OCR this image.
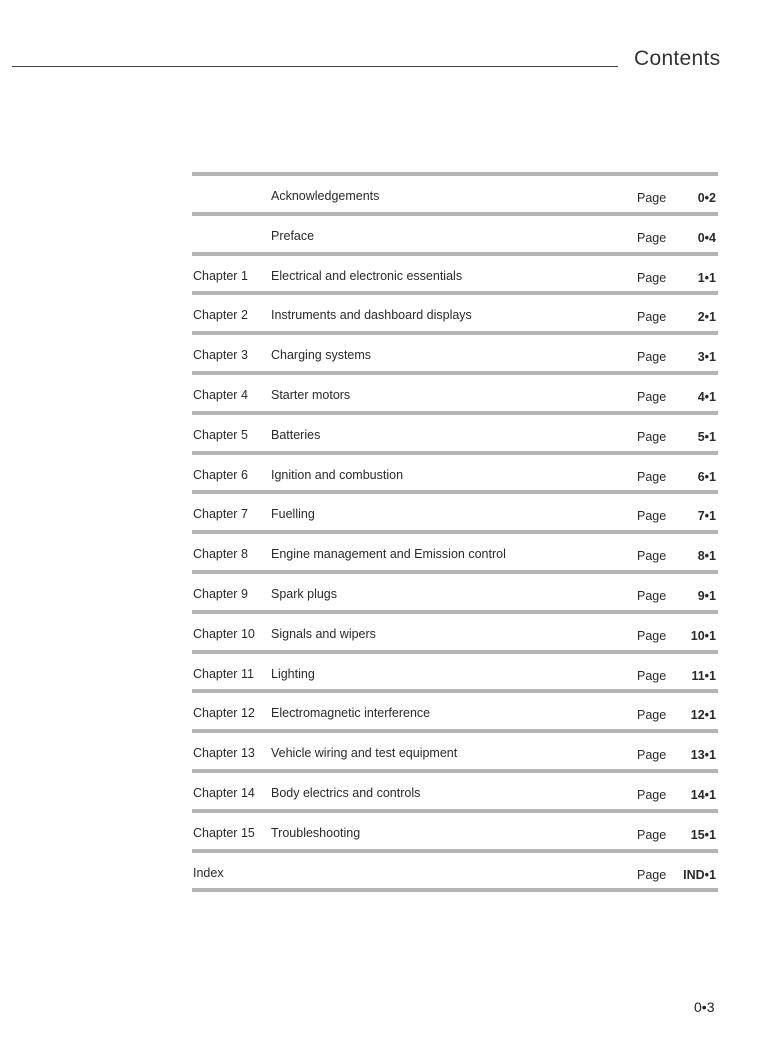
Contents
Acknowledgements	Page	0•2
Preface	Page	0•4
Chapter 1 Electrical and electronic essentials	Page	1•1
Chapter 2 Instruments and dashboard displays	Page	2•1
Chapter 3 Charging systems	Page	3•1
Chapter 4 Starter motors	Page	4•1
Chapter 5 Batteries	Page	5•1
Chapter 6 Ignition and combustion	Page	6•1
Chapter 7 Fuelling	Page	7•1
Chapter 8 Engine management and Emission control	Page	8•1
Chapter 9 Spark plugs	Page	9•1
Chapter 10 Signals and wipers	Page 10•1
Chapter 11 Lighting	Page 11•1
Chapter 12 Electromagnetic interference	Page 12•1
Chapter 13 Vehicle wiring and test equipment	Page 13•1
Chapter 14 Body electrics and controls	Page 14•1
Chapter 15 Troubleshooting	Page 15•1
Index	Page IND•1
0•3
